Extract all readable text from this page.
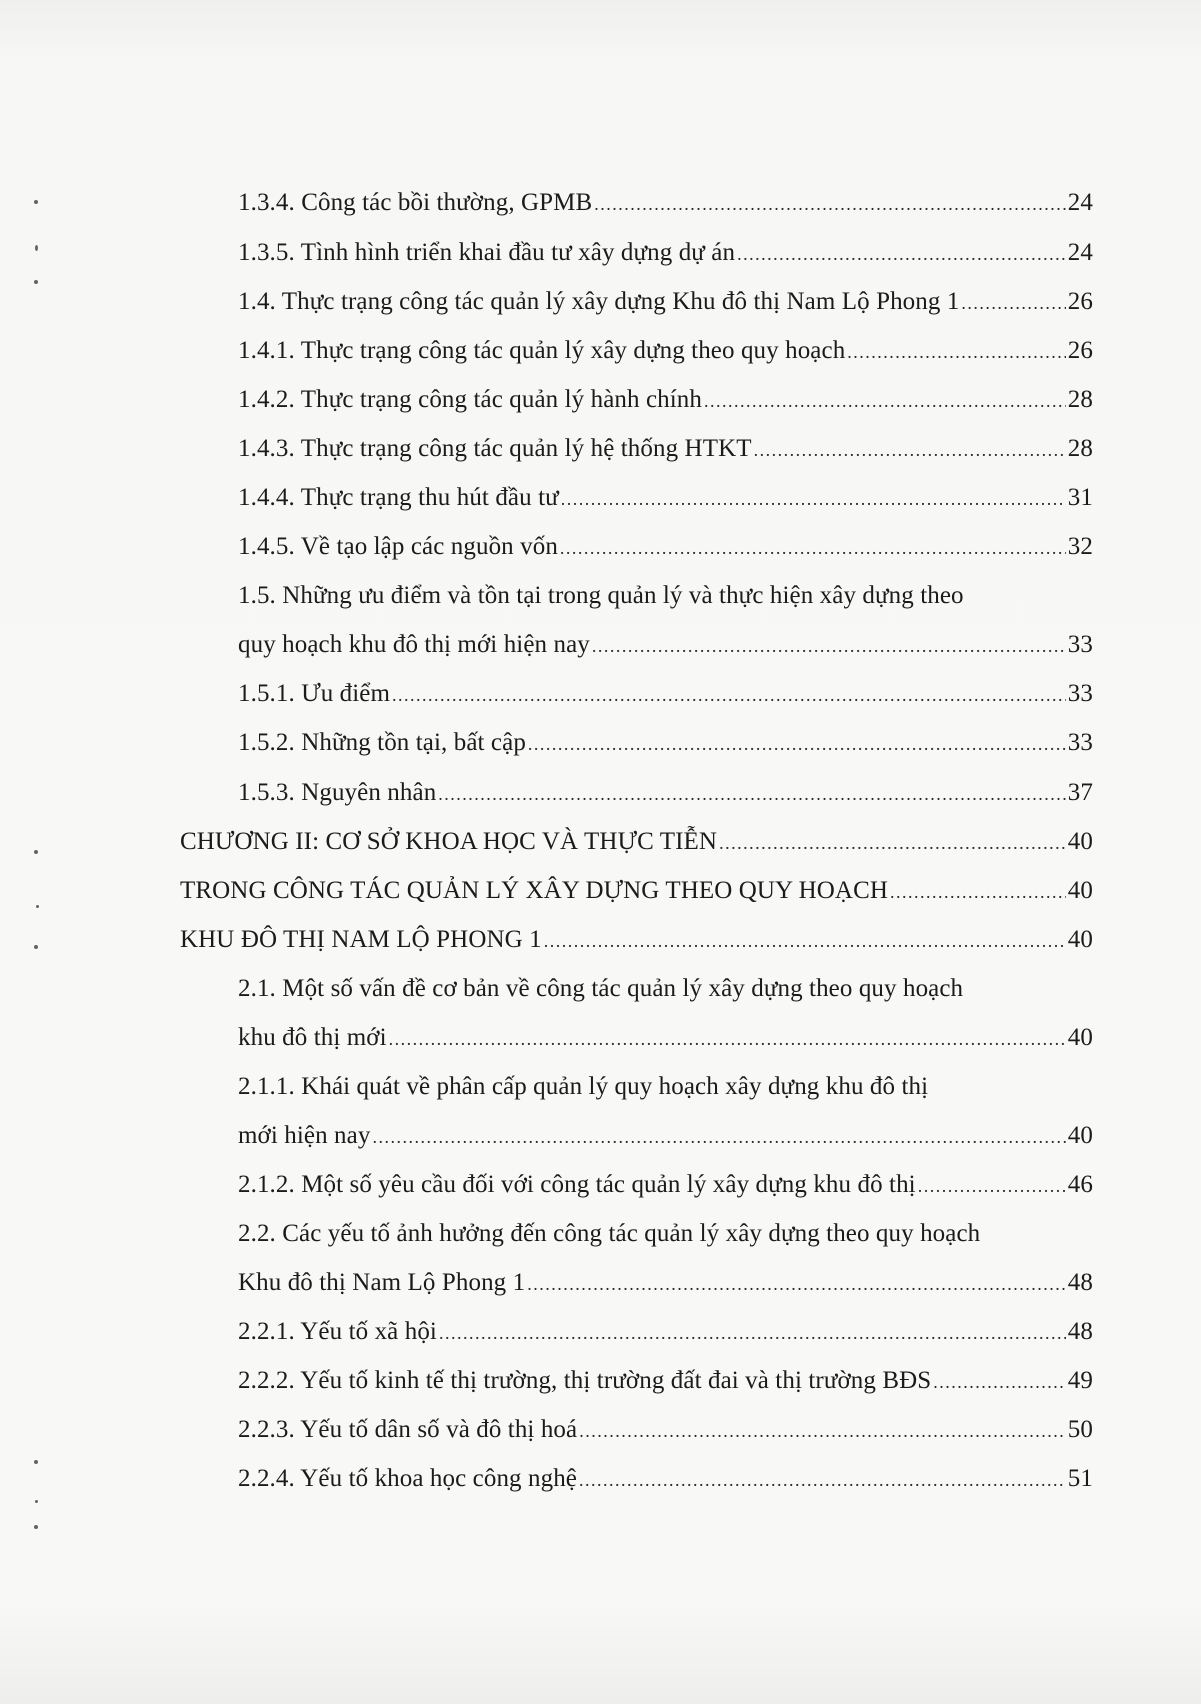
1.3.4. Công tác bồi thường, GPMB .....	24
1.3.5. Tình hình triển khai đầu tư xây dựng dự án .....	24
1.4. Thực trạng công tác quản lý xây dựng Khu đô thị Nam Lộ Phong 1 .....	26
1.4.1. Thực trạng công tác quản lý xây dựng theo quy hoạch .....	26
1.4.2. Thực trạng công tác quản lý hành chính .....	28
1.4.3. Thực trạng công tác quản lý hệ thống HTKT .....	28
1.4.4. Thực trạng thu hút đầu tư .....	31
1.4.5. Về tạo lập các nguồn vốn .....	32
1.5. Những ưu điểm và tồn tại trong quản lý và thực hiện xây dựng theo
quy hoạch khu đô thị mới hiện nay .....	33
1.5.1. Ưu điểm .....	33
1.5.2. Những tồn tại, bất cập .....	33
1.5.3. Nguyên nhân .....	37
CHƯƠNG II: CƠ SỞ KHOA HỌC VÀ THỰC TIỄN .....	40
TRONG CÔNG TÁC QUẢN LÝ XÂY DỰNG THEO QUY HOẠCH .....	40
KHU ĐÔ THỊ NAM LỘ PHONG 1 .....	40
2.1. Một số vấn đề cơ bản về công tác quản lý xây dựng theo quy hoạch
khu đô thị mới .....	40
2.1.1. Khái quát về phân cấp quản lý quy hoạch xây dựng khu đô thị
mới hiện nay .....	40
2.1.2. Một số yêu cầu đối với công tác quản lý xây dựng khu đô thị .....	46
2.2. Các yếu tố ảnh hưởng đến công tác quản lý xây dựng theo quy hoạch
Khu đô thị Nam Lộ Phong 1 .....	48
2.2.1. Yếu tố xã hội .....	48
2.2.2. Yếu tố kinh tế thị trường, thị trường đất đai và thị trường BĐS .....	49
2.2.3. Yếu tố dân số và đô thị hoá .....	50
2.2.4. Yếu tố khoa học công nghệ .....	51
